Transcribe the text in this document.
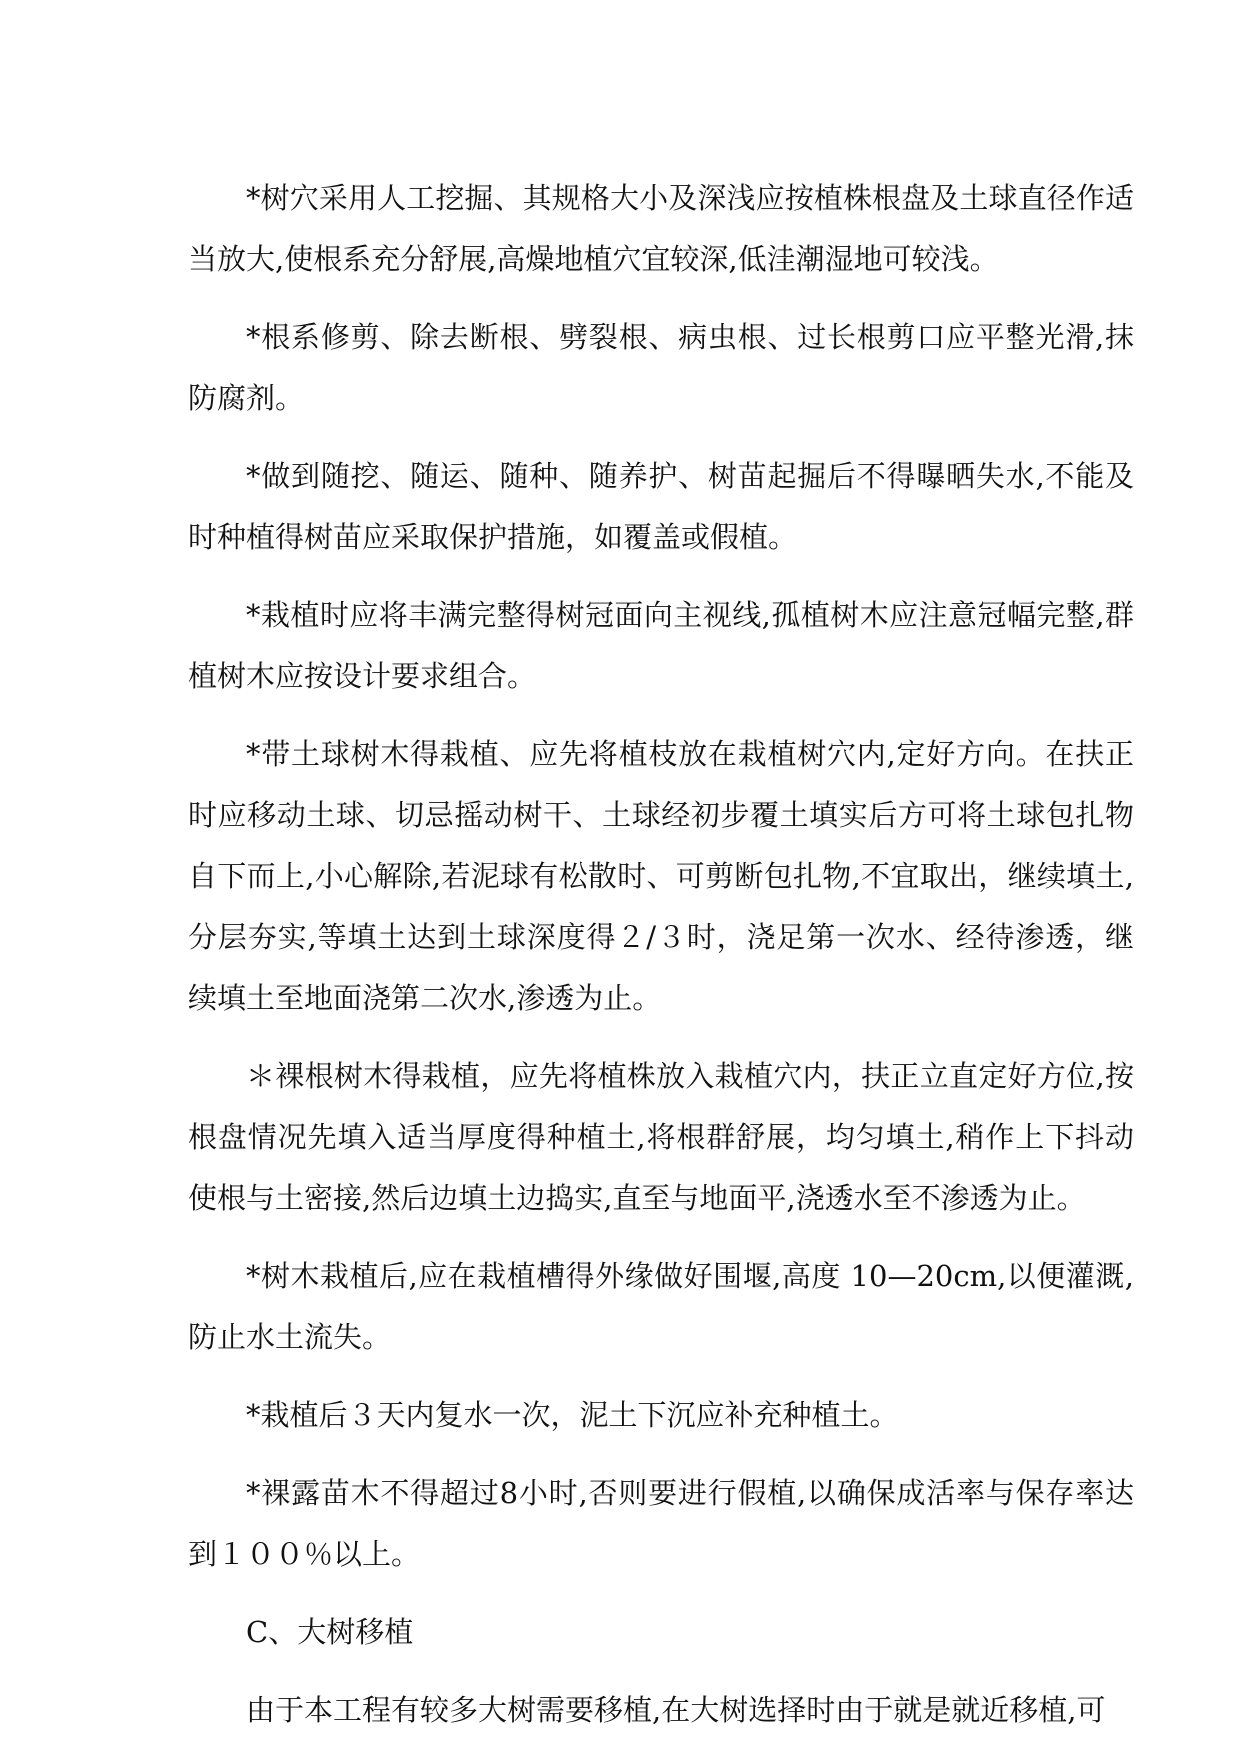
*树穴采用人工挖掘、其规格大小及深浅应按植株根盘及土球直径作适当放大,使根系充分舒展,高燥地植穴宜较深,低洼潮湿地可较浅。

*根系修剪、除去断根、劈裂根、病虫根、过长根剪口应平整光滑,抹防腐剂。

*做到随挖、随运、随种、随养护、树苗起掘后不得曝晒失水,不能及时种植得树苗应采取保护措施，如覆盖或假植。

*栽植时应将丰满完整得树冠面向主视线,孤植树木应注意冠幅完整,群植树木应按设计要求组合。

*带土球树木得栽植、应先将植枝放在栽植树穴内,定好方向。在扶正时应移动土球、切忌摇动树干、土球经初步覆土填实后方可将土球包扎物自下而上,小心解除,若泥球有松散时、可剪断包扎物,不宜取出，继续填土,分层夯实,等填土达到土球深度得２/３时，浇足第一次水、经待渗透，继续填土至地面浇第二次水,渗透为止。

＊裸根树木得栽植，应先将植株放入栽植穴内，扶正立直定好方位,按根盘情况先填入适当厚度得种植土,将根群舒展，均匀填土,稍作上下抖动使根与土密接,然后边填土边捣实,直至与地面平,浇透水至不渗透为止。

*树木栽植后,应在栽植槽得外缘做好围堰,高度 10—20cm,以便灌溉,防止水土流失。

*栽植后３天内复水一次，泥土下沉应补充种植土。

*裸露苗木不得超过8小时,否则要进行假植,以确保成活率与保存率达到１００％以上。

C、大树移植

由于本工程有较多大树需要移植,在大树选择时由于就是就近移植,可
